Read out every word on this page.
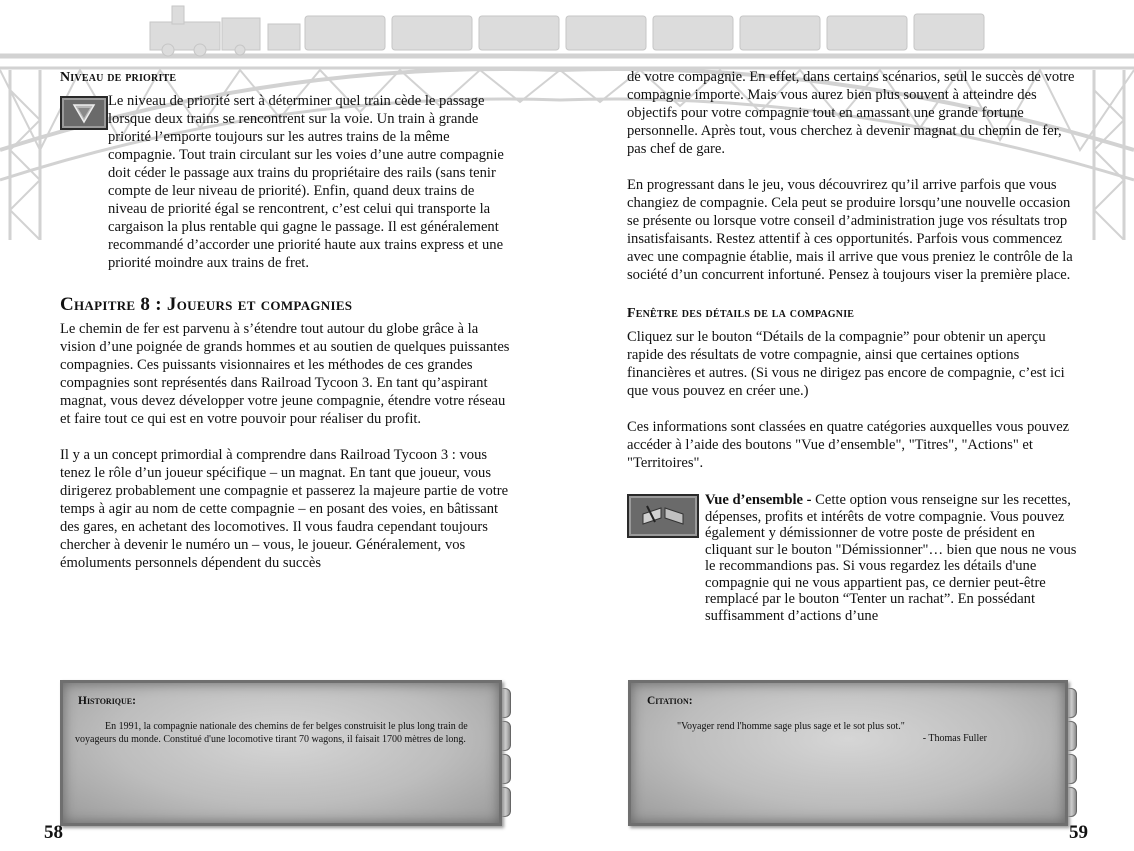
Niveau de priorite

Le niveau de priorité sert à déterminer quel train cède le passage lorsque deux trains se rencontrent sur la voie. Un train à grande priorité l’emporte toujours sur les autres trains de la même compagnie. Tout train circulant sur les voies d’une autre compagnie doit céder le passage aux trains du propriétaire des rails (sans tenir compte de leur niveau de priorité). Enfin, quand deux trains de niveau de priorité égal se rencontrent, c’est celui qui transporte la cargaison la plus rentable qui gagne le passage. Il est généralement recommandé d’accorder une priorité haute aux trains express et une priorité moindre aux trains de fret.

Chapitre 8 : Joueurs et compagnies

Le chemin de fer est parvenu à s’étendre tout autour du globe grâce à la vision d’une poignée de grands hommes et au soutien de quelques puissantes compagnies. Ces puissants visionnaires et les méthodes de ces grandes compagnies sont représentés dans Railroad Tycoon 3. En tant qu’aspirant magnat, vous devez développer votre jeune compagnie, étendre votre réseau et faire tout ce qui est en votre pouvoir pour réaliser du profit.

Il y a un concept primordial à comprendre dans Railroad Tycoon 3 : vous tenez le rôle d’un joueur spécifique – un magnat. En tant que joueur, vous dirigerez probablement une compagnie et passerez la majeure partie de votre temps à agir au nom de cette compagnie – en posant des voies, en bâtissant des gares, en achetant des locomotives. Il vous faudra cependant toujours chercher à devenir le numéro un – vous, le joueur. Généralement, vos émoluments personnels dépendent du succès

Historique:
En 1991, la compagnie nationale des chemins de fer belges construisit le plus long train de voyageurs du monde. Constitué d'une locomotive tirant 70 wagons, il faisait 1700 mètres de long.
58

de votre compagnie. En effet, dans certains scénarios, seul le succès de votre compagnie importe. Mais vous aurez bien plus souvent à atteindre des objectifs pour votre compagnie tout en amassant une grande fortune personnelle. Après tout, vous cherchez à devenir magnat du chemin de fer, pas chef de gare.

En progressant dans le jeu, vous découvrirez qu’il arrive parfois que vous changiez de compagnie. Cela peut se produire lorsqu’une nouvelle occasion se présente ou lorsque votre conseil d’administration juge vos résultats trop insatisfaisants. Restez attentif à ces opportunités. Parfois vous commencez avec une compagnie établie, mais il arrive que vous preniez le contrôle de la société d’un concurrent infortuné. Pensez à toujours viser la première place.

Fenêtre des détails de la compagnie

Cliquez sur le bouton “Détails de la compagnie” pour obtenir un aperçu rapide des résultats de votre compagnie, ainsi que certaines options financières et autres. (Si vous ne dirigez pas encore de compagnie, c’est ici que vous pouvez en créer une.)

Ces informations sont classées en quatre catégories auxquelles vous pouvez accéder à l’aide des boutons "Vue d’ensemble", "Titres", "Actions" et "Territoires".

Vue d’ensemble - Cette option vous renseigne sur les recettes, dépenses, profits et intérêts de votre compagnie. Vous pouvez également y démissionner de votre poste de président en cliquant sur le bouton "Démissionner"… bien que nous ne vous le recommandions pas. Si vous regardez les détails d'une compagnie qui ne vous appartient pas, ce dernier peut-être remplacé par le bouton “Tenter un rachat”. En possédant suffisamment d’actions d’une

Citation:
"Voyager rend l'homme sage plus sage et le sot plus sot."
- Thomas Fuller
59
